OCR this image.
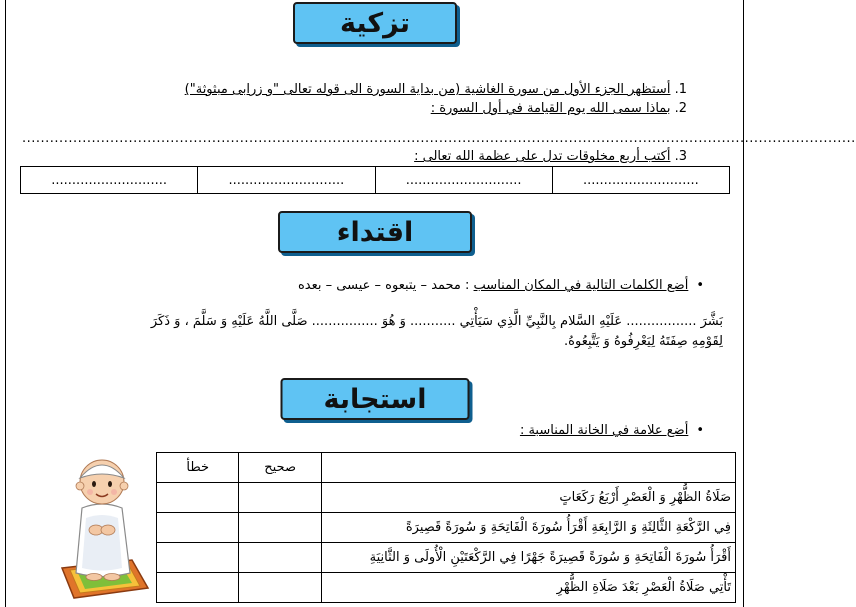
تزكية
1. أستظهر الجزء الأول من سورة الغاشية (من بداية السورة الى قوله تعالى "و زرابى مبثوثة")
2. بماذا سمى الله يوم القيامة في أول السورة :
....................................................................................................................................................................................
3. أكتب أربع مخلوقات تدل على عظمة الله تعالى :
............................	............................	............................	............................
اقتداء
• أضع الكلمات التالية في المكان المناسب : محمد – يتبعوه – عيسى – بعده
بَشَّرَ ................. عَلَيْهِ السَّلام بِالنَّبِيِّ الَّذِي سَيَأْتِي ........... وَ هُوَ ................ صَلَّى اللَّهُ عَلَيْهِ وَ سَلَّمَ ، وَ ذَكَرَ
لِقَوْمِهِ صِفَتَهُ لِيَعْرِفُوهُ وَ يَتَّبِعُوهُ.
استجابة
• أضع علامة في الخانة المناسبة :
	صحيح	خطأ
صَلَاةُ الظُّهْرِ وَ الْعَصْرِ أَرْبَعُ رَكَعَاتٍ		
فِي الرَّكْعَةِ الثَّالِثَةِ وَ الرَّابِعَةِ أَقْرَأُ سُورَةَ الْفَاتِحَةِ وَ سُورَةً قَصِيرَةً		
أَقْرَأُ سُورَةَ الْفَاتِحَةِ وَ سُورَةً قَصِيرَةً جَهْرًا فِي الرَّكْعَتَيْنِ الْأُولَى وَ الثَّانِيَةِ		
تَأْتِي صَلَاةُ الْعَصْرِ بَعْدَ صَلَاةِ الظُّهْرِ		
